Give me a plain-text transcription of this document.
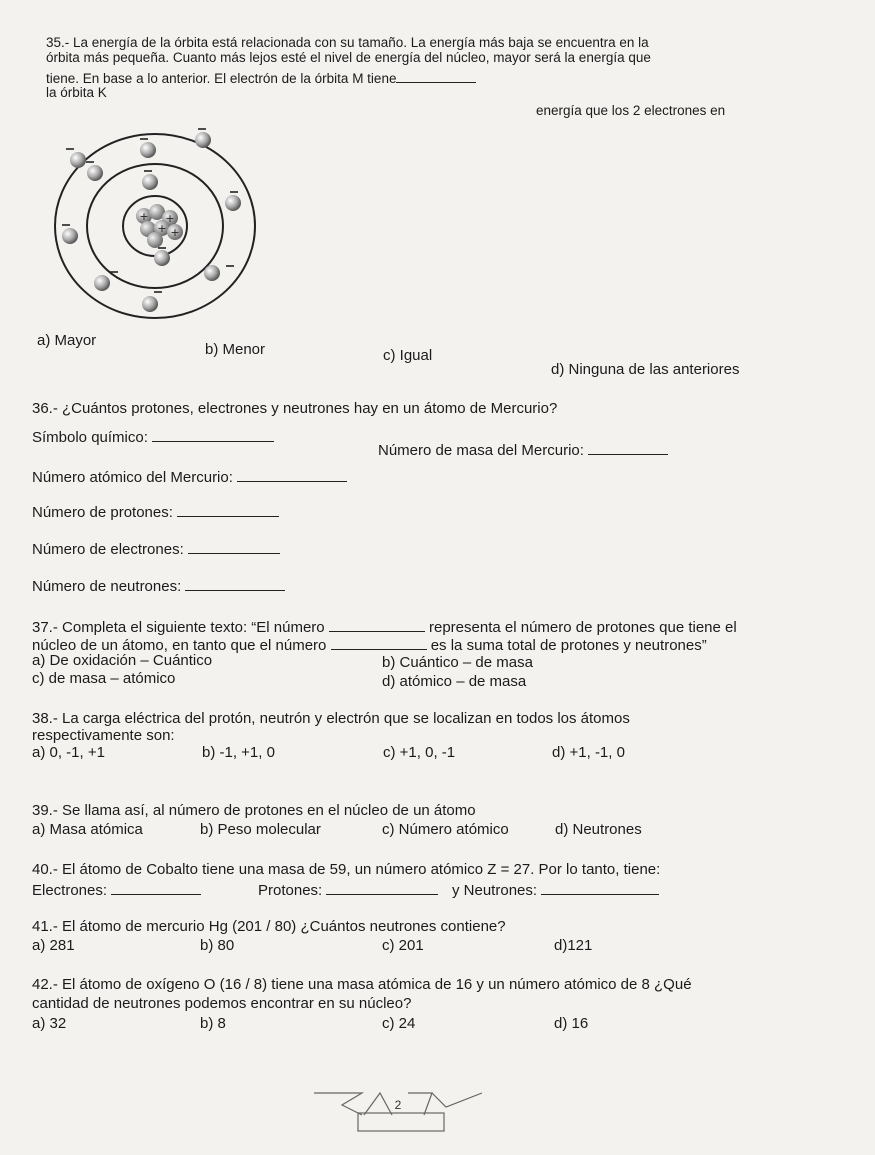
35.- La energía de la órbita está relacionada con su tamaño. La energía más baja se encuentra en la
órbita más pequeña. Cuanto más lejos esté el nivel de energía del núcleo, mayor será la energía que
tiene. En base a lo anterior. El electrón de la órbita M tiene
la órbita K
energía que los 2 electrones en
+ +
+ +
a) Mayor
b) Menor	c) Igual
d) Ninguna de las anteriores
36.- ¿Cuántos protones, electrones y neutrones hay en un átomo de Mercurio?
Símbolo químico:
Número de masa del Mercurio:
Número atómico del Mercurio:
Número de protones:
Número de electrones:
Número de neutrones:
37.- Completa el siguiente texto: “El número	representa el número de protones que tiene el
núcleo de un átomo, en tanto que el número	es la suma total de protones y neutrones”
a) De oxidación – Cuántico	b) Cuántico – de masa
c) de masa – atómico	d) atómico – de masa
38.- La carga eléctrica del protón, neutrón y electrón que se localizan en todos los átomos
respectivamente son:
a) 0, -1, +1	b) -1, +1, 0	c) +1, 0, -1	d) +1, -1, 0
39.- Se llama así, al número de protones en el núcleo de un átomo
a) Masa atómica	b) Peso molecular	c) Número atómico	d) Neutrones
40.- El átomo de Cobalto tiene una masa de 59, un número atómico Z = 27. Por lo tanto, tiene:
Electrones:	Protones:	y Neutrones:
41.- El átomo de mercurio Hg (201 / 80) ¿Cuántos neutrones contiene?
a) 281	b) 80	c) 201	d)121
42.- El átomo de oxígeno O (16 / 8) tiene una masa atómica de 16 y un número atómico de 8 ¿Qué
cantidad de neutrones podemos encontrar en su núcleo?
a) 32	b) 8	c) 24	d) 16
2
